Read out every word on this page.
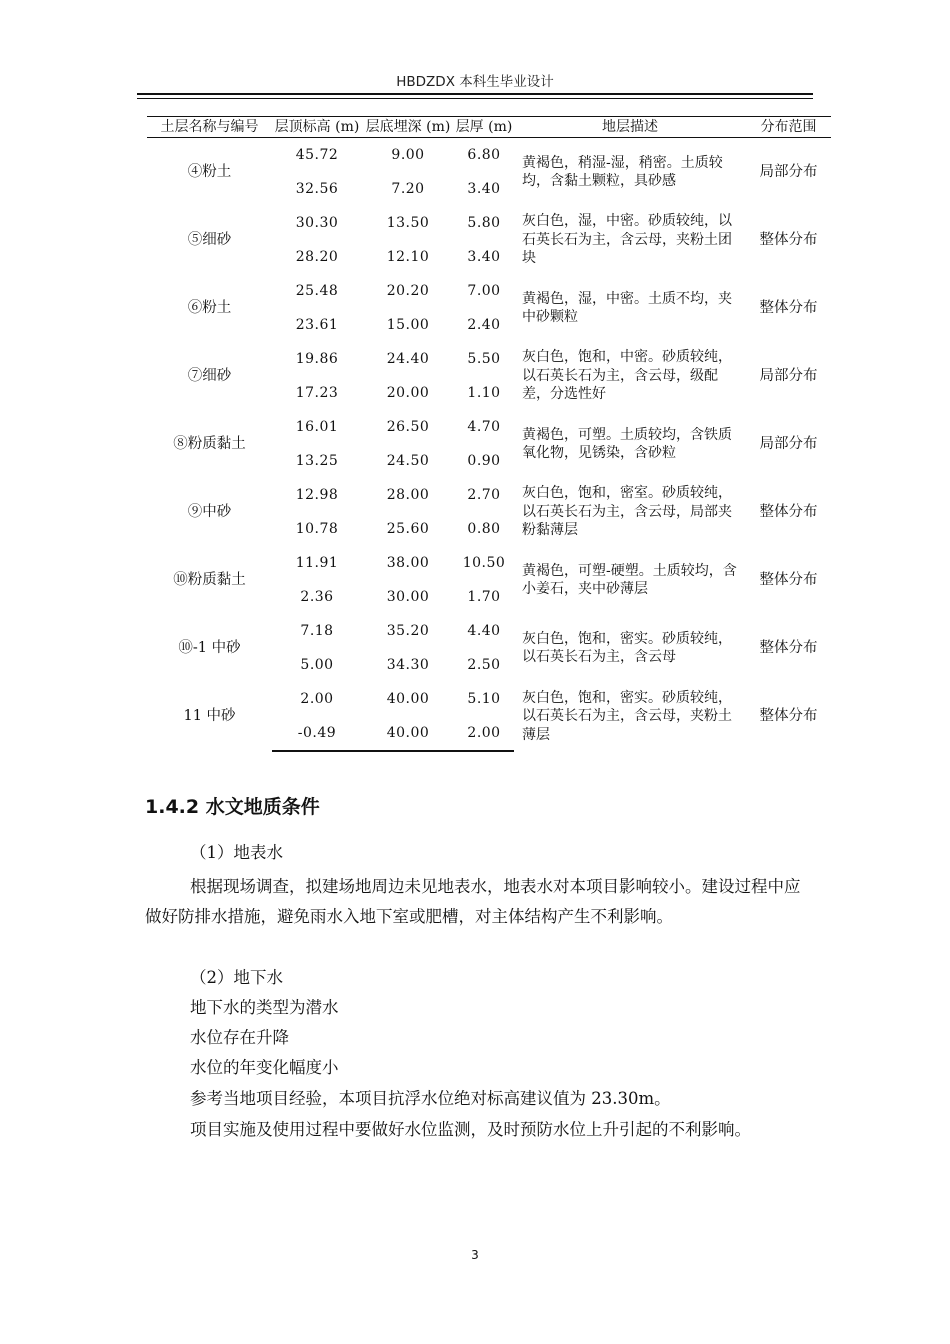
HBDZDX 本科生毕业设计
土层名称与编号	层顶标高 (m)	层底埋深 (m)	层厚 (m)	地层描述	分布范围
④粉土	45.72	9.00	6.80	黄褐色，稍湿-湿，稍密。土质较均，含黏土颗粒，具砂感	局部分布
	32.56	7.20	3.40		
⑤细砂	30.30	13.50	5.80	灰白色，湿，中密。砂质较纯，以石英长石为主，含云母，夹粉土团块	整体分布
	28.20	12.10	3.40		
⑥粉土	25.48	20.20	7.00	黄褐色，湿，中密。土质不均，夹中砂颗粒	整体分布
	23.61	15.00	2.40		
⑦细砂	19.86	24.40	5.50	灰白色，饱和，中密。砂质较纯，以石英长石为主，含云母，级配差，分选性好	局部分布
	17.23	20.00	1.10		
⑧粉质黏土	16.01	26.50	4.70	黄褐色，可塑。土质较均，含铁质氧化物，见锈染，含砂粒	局部分布
	13.25	24.50	0.90		
⑨中砂	12.98	28.00	2.70	灰白色，饱和，密室。砂质较纯，以石英长石为主，含云母，局部夹粉黏薄层	整体分布
	10.78	25.60	0.80		
⑩粉质黏土	11.91	38.00	10.50	黄褐色，可塑-硬塑。土质较均，含小姜石，夹中砂薄层	整体分布
	2.36	30.00	1.70		
⑩-1 中砂	7.18	35.20	4.40	灰白色，饱和，密实。砂质较纯，以石英长石为主，含云母	整体分布
	5.00	34.30	2.50		
11 中砂	2.00	40.00	5.10	灰白色，饱和，密实。砂质较纯，以石英长石为主，含云母，夹粉土薄层	整体分布
	-0.49	40.00	2.00		
1.4.2 水文地质条件

（1）地表水

根据现场调查，拟建场地周边未见地表水，地表水对本项目影响较小。建设过程中应做好防排水措施，避免雨水入地下室或肥槽，对主体结构产生不利影响。

（2）地下水

地下水的类型为潜水

水位存在升降

水位的年变化幅度小

参考当地项目经验，本项目抗浮水位绝对标高建议值为 23.30m。

项目实施及使用过程中要做好水位监测，及时预防水位上升引起的不利影响。

3
